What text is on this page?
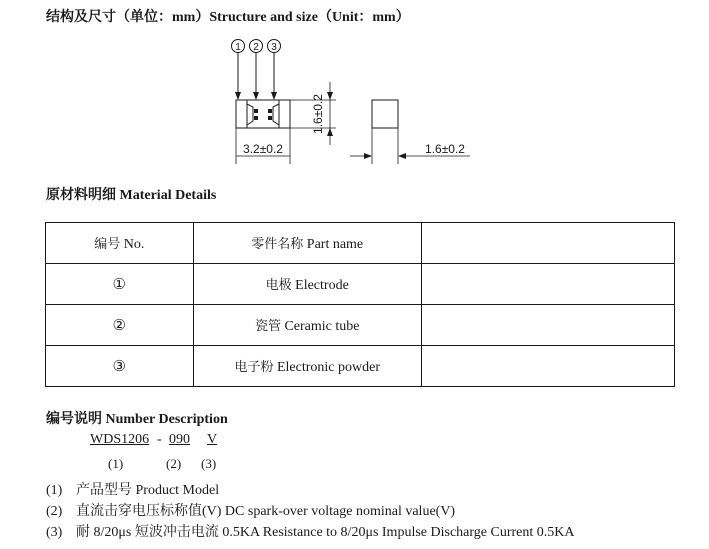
结构及尺寸（单位：mm）Structure and size（Unit：mm）
1 2 3
3.2±0.2
1.6±0.2
1.6±0.2
原材料明细 Material Details
编号 No.	零件名称 Part name	
①	电极 Electrode	
②	瓷管 Ceramic tube	
③	电子粉 Electronic powder	
编号说明 Number Description
WDS1206 - 090 V
(1)	(2) (3)
(1) 产品型号 Product Model
(2) 直流击穿电压标称值(V) DC spark-over voltage nominal value(V)
(3) 耐 8/20μs 短波冲击电流 0.5KA Resistance to 8/20μs Impulse Discharge Current 0.5KA
